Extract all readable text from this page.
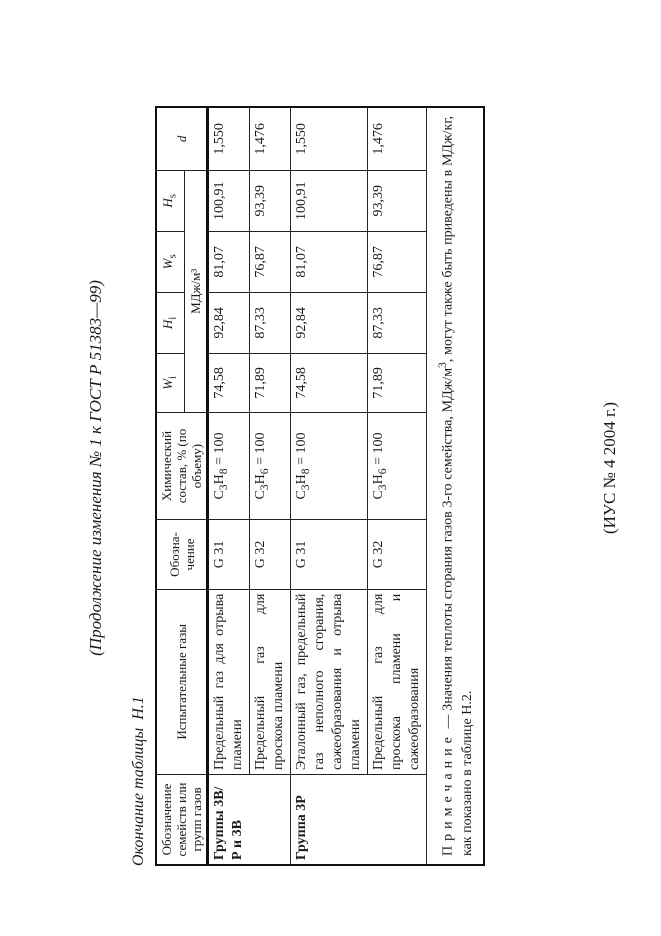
(Продолжение изменения № 1 к ГОСТ Р 51383—99)
Окончание таблицыН.1
Обозначение семейств или групп газов	Испытательные газы	Обозна- чение	Химический состав, % (по объему)	$W_i$	$H_i$	$W_s$	$H_s$	d
				МДж/м³				
Группы 3В/Р и 3В	Предельный газ для отрыва пламени	G 31	$C_3H_8 = 100$	74,58	92,84	81,07	100,91	1,550
	Предельный газ для проскока пламени	G 32	$C_3H_6 = 100$	71,89	87,33	76,87	93,39	1,476
Группа 3Р	Эталонный газ, предельный газ неполного сгорания, сажеобразования и отрыва пламени	G 31	$C_3H_8 = 100$	74,58	92,84	81,07	100,91	1,550
	Предельный газ для проскока пламени и сажеобразования	G 32	$C_3H_6 = 100$	71,89	87,33	76,87	93,39	1,476
Примечание — Значения теплоты сгорания газов 3-го семейства, МДж/$м^3$, могут также быть приведены в МДж/кг, как показано в таблице Н.2.								
(ИУС № 4 2004 г.)
